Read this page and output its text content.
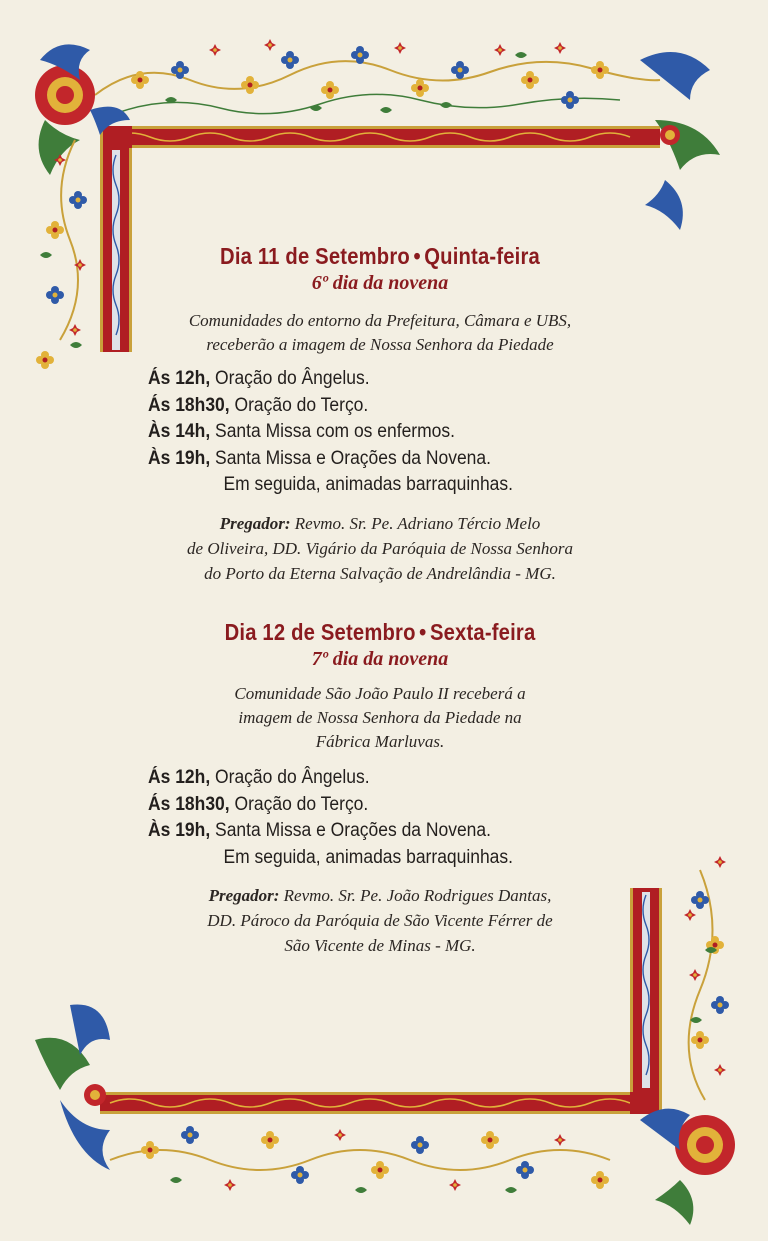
Dia 11 de Setembro • Quinta-feira
6º dia da novena
Comunidades do entorno da Prefeitura, Câmara e UBS,
receberão a imagem de Nossa Senhora da Piedade
Ás 12h, Oração do Ângelus.
Ás 18h30, Oração do Terço.
Às 14h, Santa Missa com os enfermos.
Às 19h, Santa Missa e Orações da Novena.
Em seguida, animadas barraquinhas.
Pregador: Revmo. Sr. Pe. Adriano Tércio Melo
de Oliveira, DD. Vigário da Paróquia de Nossa Senhora
do Porto da Eterna Salvação de Andrelândia - MG.
Dia 12 de Setembro • Sexta-feira
7º dia da novena
Comunidade São João Paulo II receberá a
imagem de Nossa Senhora da Piedade na
Fábrica Marluvas.
Ás 12h, Oração do Ângelus.
Ás 18h30, Oração do Terço.
Às 19h, Santa Missa e Orações da Novena.
Em seguida, animadas barraquinhas.
Pregador: Revmo. Sr. Pe. João Rodrigues Dantas,
DD. Pároco da Paróquia de São Vicente Férrer de
São Vicente de Minas - MG.
